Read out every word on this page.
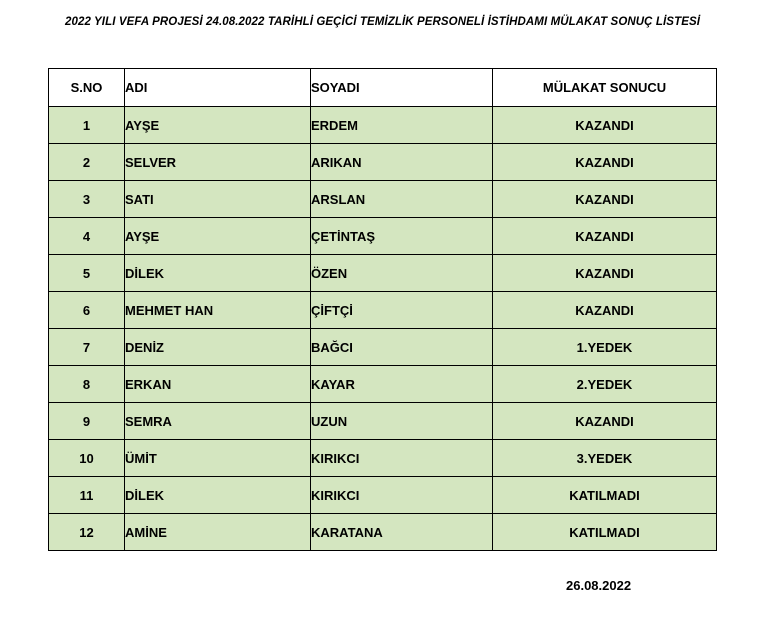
2022 YILI VEFA PROJESİ 24.08.2022 TARİHLİ GEÇİCİ TEMİZLİK PERSONELİ İSTİHDAMI MÜLAKAT SONUÇ LİSTESİ
S.NO	ADI	SOYADI	MÜLAKAT SONUCU
1	AYŞE	ERDEM	KAZANDI
2	SELVER	ARIKAN	KAZANDI
3	SATI	ARSLAN	KAZANDI
4	AYŞE	ÇETİNTAŞ	KAZANDI
5	DİLEK	ÖZEN	KAZANDI
6	MEHMET HAN	ÇİFTÇİ	KAZANDI
7	DENİZ	BAĞCI	1.YEDEK
8	ERKAN	KAYAR	2.YEDEK
9	SEMRA	UZUN	KAZANDI
10	ÜMİT	KIRIKCI	3.YEDEK
11	DİLEK	KIRIKCI	KATILMADI
12	AMİNE	KARATANA	KATILMADI
26.08.2022
